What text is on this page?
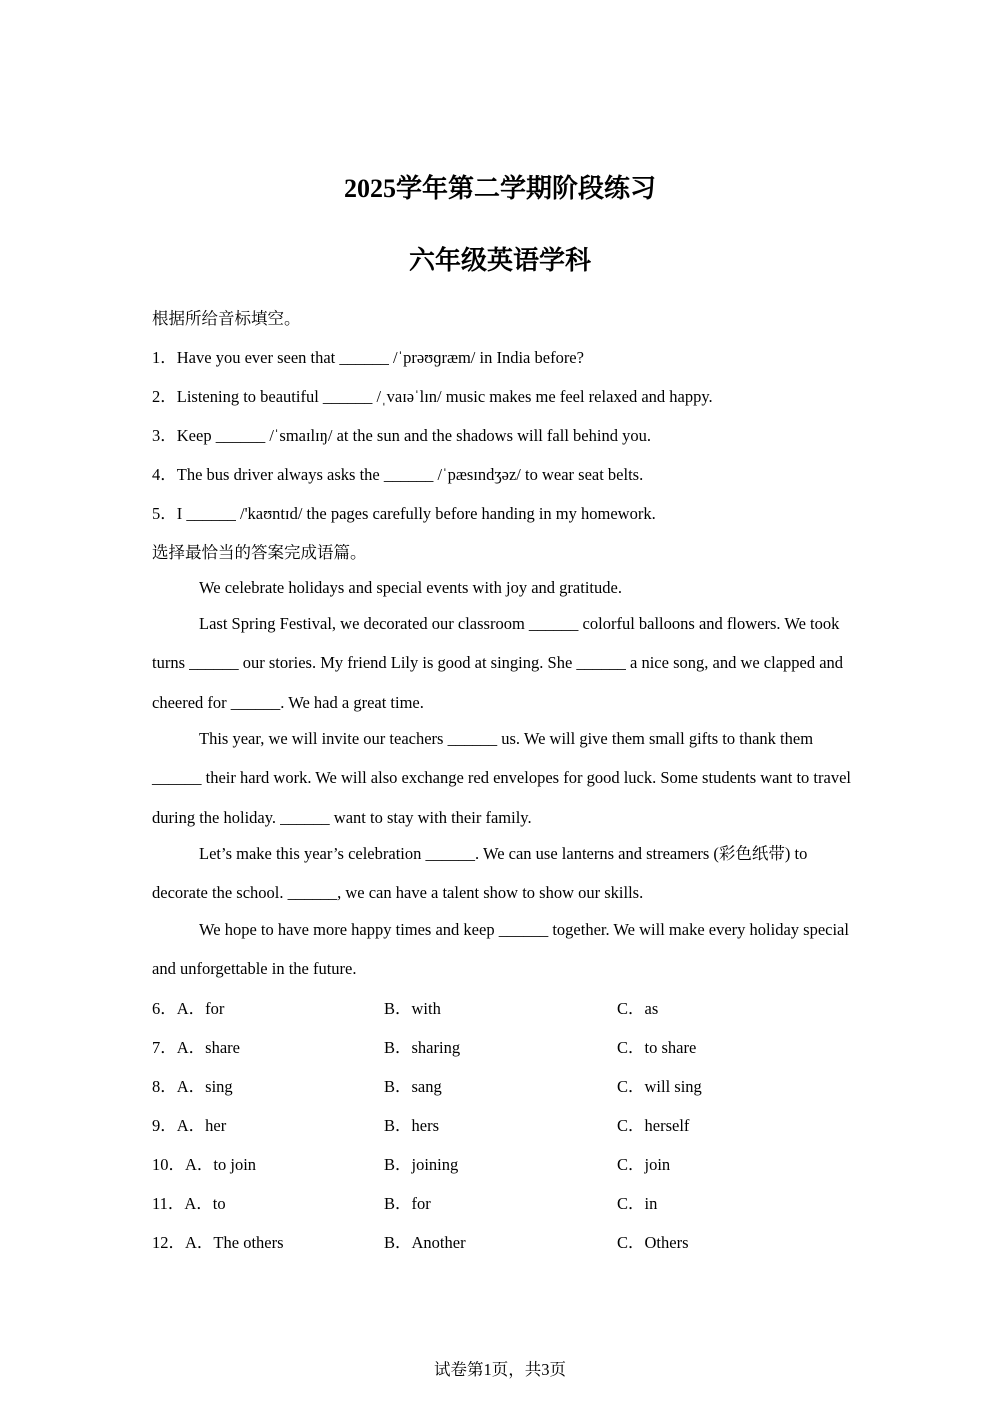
2025学年第二学期阶段练习
六年级英语学科
根据所给音标填空。
1．Have you ever seen that ______ /ˈprəʊɡræm/ in India before?
2．Listening to beautiful ______ /ˌvaɪəˈlɪn/ music makes me feel relaxed and happy.
3．Keep ______ /ˈsmaɪlɪŋ/ at the sun and the shadows will fall behind you.
4．The bus driver always asks the ______ /ˈpæsɪndʒəz/ to wear seat belts.
5．I ______ /'kaʊntɪd/ the pages carefully before handing in my homework.
选择最恰当的答案完成语篇。
We celebrate holidays and special events with joy and gratitude.
Last Spring Festival, we decorated our classroom ______ colorful balloons and flowers. We took turns ______ our stories. My friend Lily is good at singing. She ______ a nice song, and we clapped and cheered for ______. We had a great time.
This year, we will invite our teachers ______ us. We will give them small gifts to thank them ______ their hard work. We will also exchange red envelopes for good luck. Some students want to travel during the holiday. ______ want to stay with their family.
Let’s make this year’s celebration ______. We can use lanterns and streamers (彩色纸带) to decorate the school. ______, we can have a talent show to show our skills.
We hope to have more happy times and keep ______ together. We will make every holiday special and unforgettable in the future.
6．A．for	B．with	C．as
7．A．share	B．sharing	C．to share
8．A．sing	B．sang	C．will sing
9．A．her	B．hers	C．herself
10．A．to join	B．joining	C．join
11．A．to	B．for	C．in
12．A．The others	B．Another	C．Others
试卷第1页，共3页
